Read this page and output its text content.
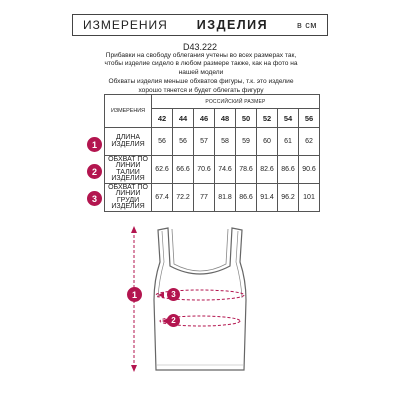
ИЗМЕРЕНИЯ ИЗДЕЛИЯ	в см
D43.222

Прибавки на свободу облегания учтены во всех размерах так, чтобы изделие сидело в любом размере также, как на фото на нашей модели

Обхваты изделия меньше обхватов фигуры, т.к. это изделие хорошо тянется и будет облегать фигуру

ИЗМЕРЕНИЯ	РОССИЙСКИЙ РАЗМЕР							
	42	44	46	48	50	52	54	56
ДЛИНА ИЗДЕЛИЯ	56	56	57	58	59	60	61	62
ОБХВАТ ПО ЛИНИИ ТАЛИИ ИЗДЕЛИЯ	62.6	66.6	70.6	74.6	78.6	82.6	86.6	90.6
ОБХВАТ ПО ЛИНИИ ГРУДИ ИЗДЕЛИЯ	67.4	72.2	77	81.8	86.6	91.4	96.2	101
1
2
3
1	3
2
